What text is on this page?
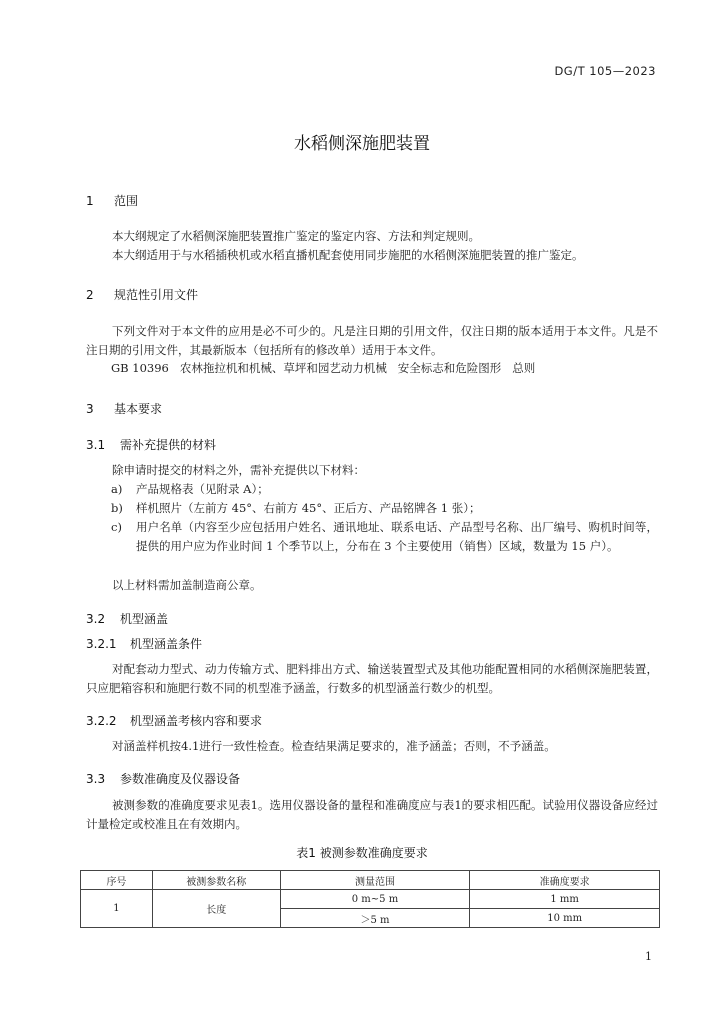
DG/T 105—2023
水稻侧深施肥装置
1 范围
本大纲规定了水稻侧深施肥装置推广鉴定的鉴定内容、方法和判定规则。
本大纲适用于与水稻插秧机或水稻直播机配套使用同步施肥的水稻侧深施肥装置的推广鉴定。
2 规范性引用文件
下列文件对于本文件的应用是必不可少的。凡是注日期的引用文件，仅注日期的版本适用于本文件。凡是不注日期的引用文件，其最新版本（包括所有的修改单）适用于本文件。
GB 10396   农林拖拉机和机械、草坪和园艺动力机械   安全标志和危险图形   总则
3 基本要求
3.1 需补充提供的材料
除申请时提交的材料之外，需补充提供以下材料：
a) 产品规格表（见附录 A）；
b) 样机照片（左前方 45°、右前方 45°、正后方、产品铭牌各 1 张）；
c) 用户名单（内容至少应包括用户姓名、通讯地址、联系电话、产品型号名称、出厂编号、购机时间等，提供的用户应为作业时间 1 个季节以上，分布在 3 个主要使用（销售）区域，数量为 15 户）。
以上材料需加盖制造商公章。
3.2 机型涵盖
3.2.1 机型涵盖条件
对配套动力型式、动力传输方式、肥料排出方式、输送装置型式及其他功能配置相同的水稻侧深施肥装置，只应肥箱容积和施肥行数不同的机型准予涵盖，行数多的机型涵盖行数少的机型。
3.2.2 机型涵盖考核内容和要求
对涵盖样机按4.1进行一致性检查。检查结果满足要求的，准予涵盖；否则，不予涵盖。
3.3 参数准确度及仪器设备
被测参数的准确度要求见表1。选用仪器设备的量程和准确度应与表1的要求相匹配。试验用仪器设备应经过计量检定或校准且在有效期内。
表1 被测参数准确度要求
序号	被测参数名称	测量范围	准确度要求
1	长度	0 m~5 m	1 mm
		＞5 m	10 mm
1
